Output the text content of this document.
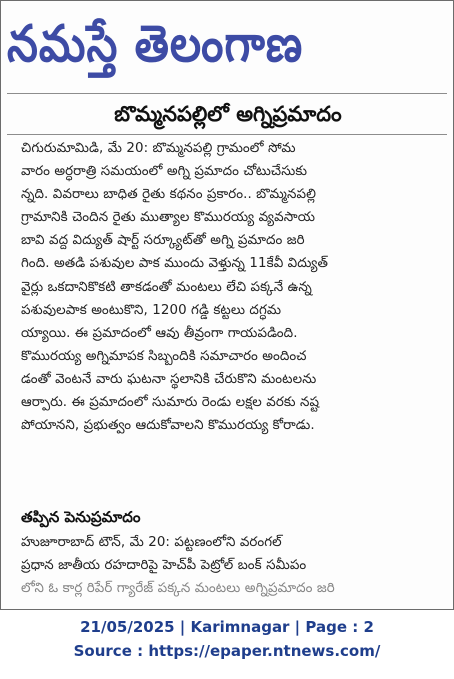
నమస్తే తెలంగాణ
బొమ్మనపల్లిలో అగ్నిప్రమాదం
చిగురుమామిడి, మే 20: బొమ్మనపల్లి గ్రామంలో సోమ
వారం అర్ధరాత్రి సమయంలో అగ్ని ప్రమాదం చోటుచేసుకు
న్నది. వివరాలు బాధిత రైతు కథనం ప్రకారం.. బొమ్మనపల్లి
గ్రామానికి చెందిన రైతు ముత్యాల కొమురయ్య వ్యవసాయ
బావి వద్ద విద్యుత్ షార్ట్ సర్క్యూట్‌తో అగ్ని ప్రమాదం జరి
గింది. అతడి పశువుల పాక ముందు వెళ్తున్న 11కేవీ విద్యుత్
వైర్లు ఒకదానికొకటి తాకడంతో మంటలు లేచి పక్కనే ఉన్న
పశువులపాక అంటుకొని, 1200 గడ్డి కట్టలు దగ్ధమ
య్యాయి. ఈ ప్రమాదంలో ఆవు తీవ్రంగా గాయపడింది.
కొమురయ్య అగ్నిమాపక సిబ్బందికి సమాచారం అందించ
డంతో వెంటనే వారు ఘటనా స్థలానికి చేరుకొని మంటలను
ఆర్పారు. ఈ ప్రమాదంలో సుమారు రెండు లక్షల వరకు నష్ట
పోయానని, ప్రభుత్వం ఆదుకోవాలని కొమురయ్య కోరాడు.
తప్పిన పెనుప్రమాదం
హుజూరాబాద్ టౌన్, మే 20: పట్టణంలోని వరంగల్
ప్రధాన జాతీయ రహదారిపై హెచ్‌పీ పెట్రోల్ బంక్ సమీపం
లోని ఓ కార్ల రిపేర్ గ్యారేజ్ పక్కన మంటలు అగ్నిప్రమాదం జరి
21/05/2025 | Karimnagar | Page : 2
Source : https://epaper.ntnews.com/
